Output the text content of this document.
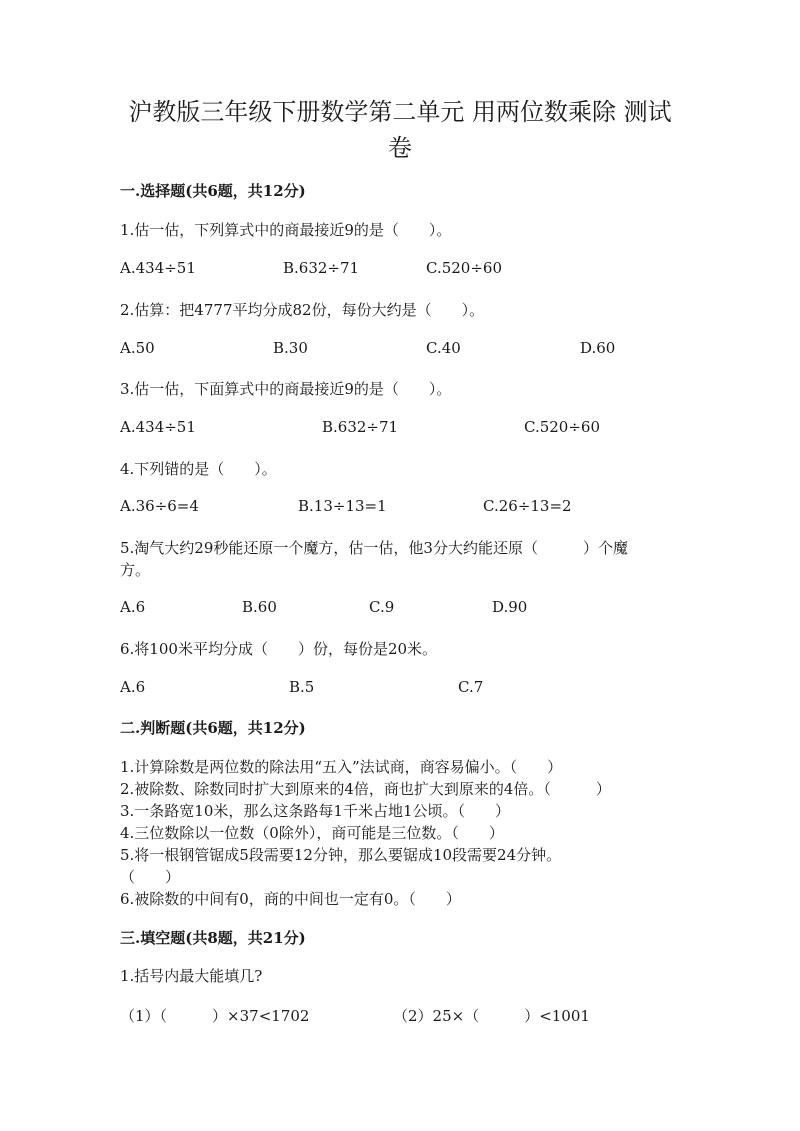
沪教版三年级下册数学第二单元 用两位数乘除 测试卷
一.选择题(共6题，共12分)
1.估一估，下列算式中的商最接近9的是（　　）。
A.434÷51	B.632÷71	C.520÷60
2.估算：把4777平均分成82份，每份大约是（　　）。
A.50	B.30	C.40	D.60
3.估一估，下面算式中的商最接近9的是（　　）。
A.434÷51	B.632÷71	C.520÷60
4.下列错的是（　　）。
A.36÷6=4	B.13÷13=1	C.26÷13=2
5.淘气大约29秒能还原一个魔方，估一估，他3分大约能还原（　　　）个魔
方。
A.6	B.60	C.9	D.90
6.将100米平均分成（　　）份，每份是20米。
A.6	B.5	C.7
二.判断题(共6题，共12分)
1.计算除数是两位数的除法用“五入”法试商，商容易偏小。（　　）
2.被除数、除数同时扩大到原来的4倍，商也扩大到原来的4倍。（　　　）
3.一条路宽10米，那么这条路每1千米占地1公顷。（　　）
4.三位数除以一位数（0除外），商可能是三位数。（　　）
5.将一根钢管锯成5段需要12分钟，那么要锯成10段需要24分钟。
（　　）
6.被除数的中间有0，商的中间也一定有0。（　　）
三.填空题(共8题，共21分)
1.括号内最大能填几?
（1）（　　　）×37<1702	（2）25×（　　　）<1001
